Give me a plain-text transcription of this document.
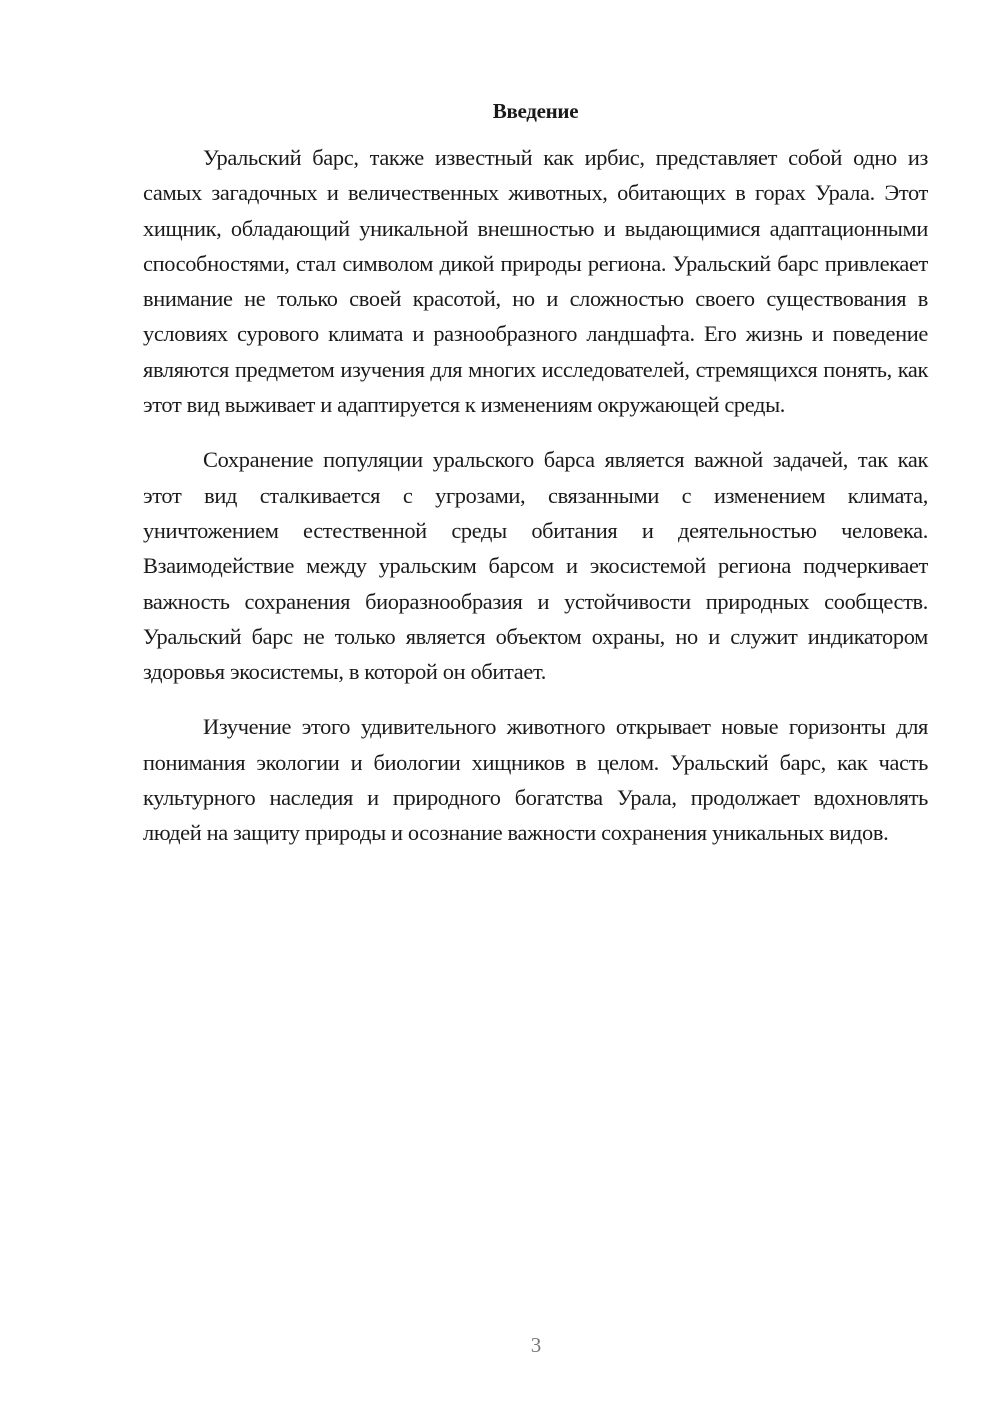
Введение

Уральский барс, также известный как ирбис, представляет собой одно из самых загадочных и величественных животных, обитающих в горах Урала. Этот хищник, обладающий уникальной внешностью и выдающимися адаптационными способностями, стал символом дикой природы региона. Уральский барс привлекает внимание не только своей красотой, но и сложностью своего существования в условиях сурового климата и разнообразного ландшафта. Его жизнь и поведение являются предметом изучения для многих исследователей, стремящихся понять, как этот вид выживает и адаптируется к изменениям окружающей среды.

Сохранение популяции уральского барса является важной задачей, так как этот вид сталкивается с угрозами, связанными с изменением климата, уничтожением естественной среды обитания и деятельностью человека. Взаимодействие между уральским барсом и экосистемой региона подчеркивает важность сохранения биоразнообразия и устойчивости природных сообществ. Уральский барс не только является объектом охраны, но и служит индикатором здоровья экосистемы, в которой он обитает.

Изучение этого удивительного животного открывает новые горизонты для понимания экологии и биологии хищников в целом. Уральский барс, как часть культурного наследия и природного богатства Урала, продолжает вдохновлять людей на защиту природы и осознание важности сохранения уникальных видов.

3
